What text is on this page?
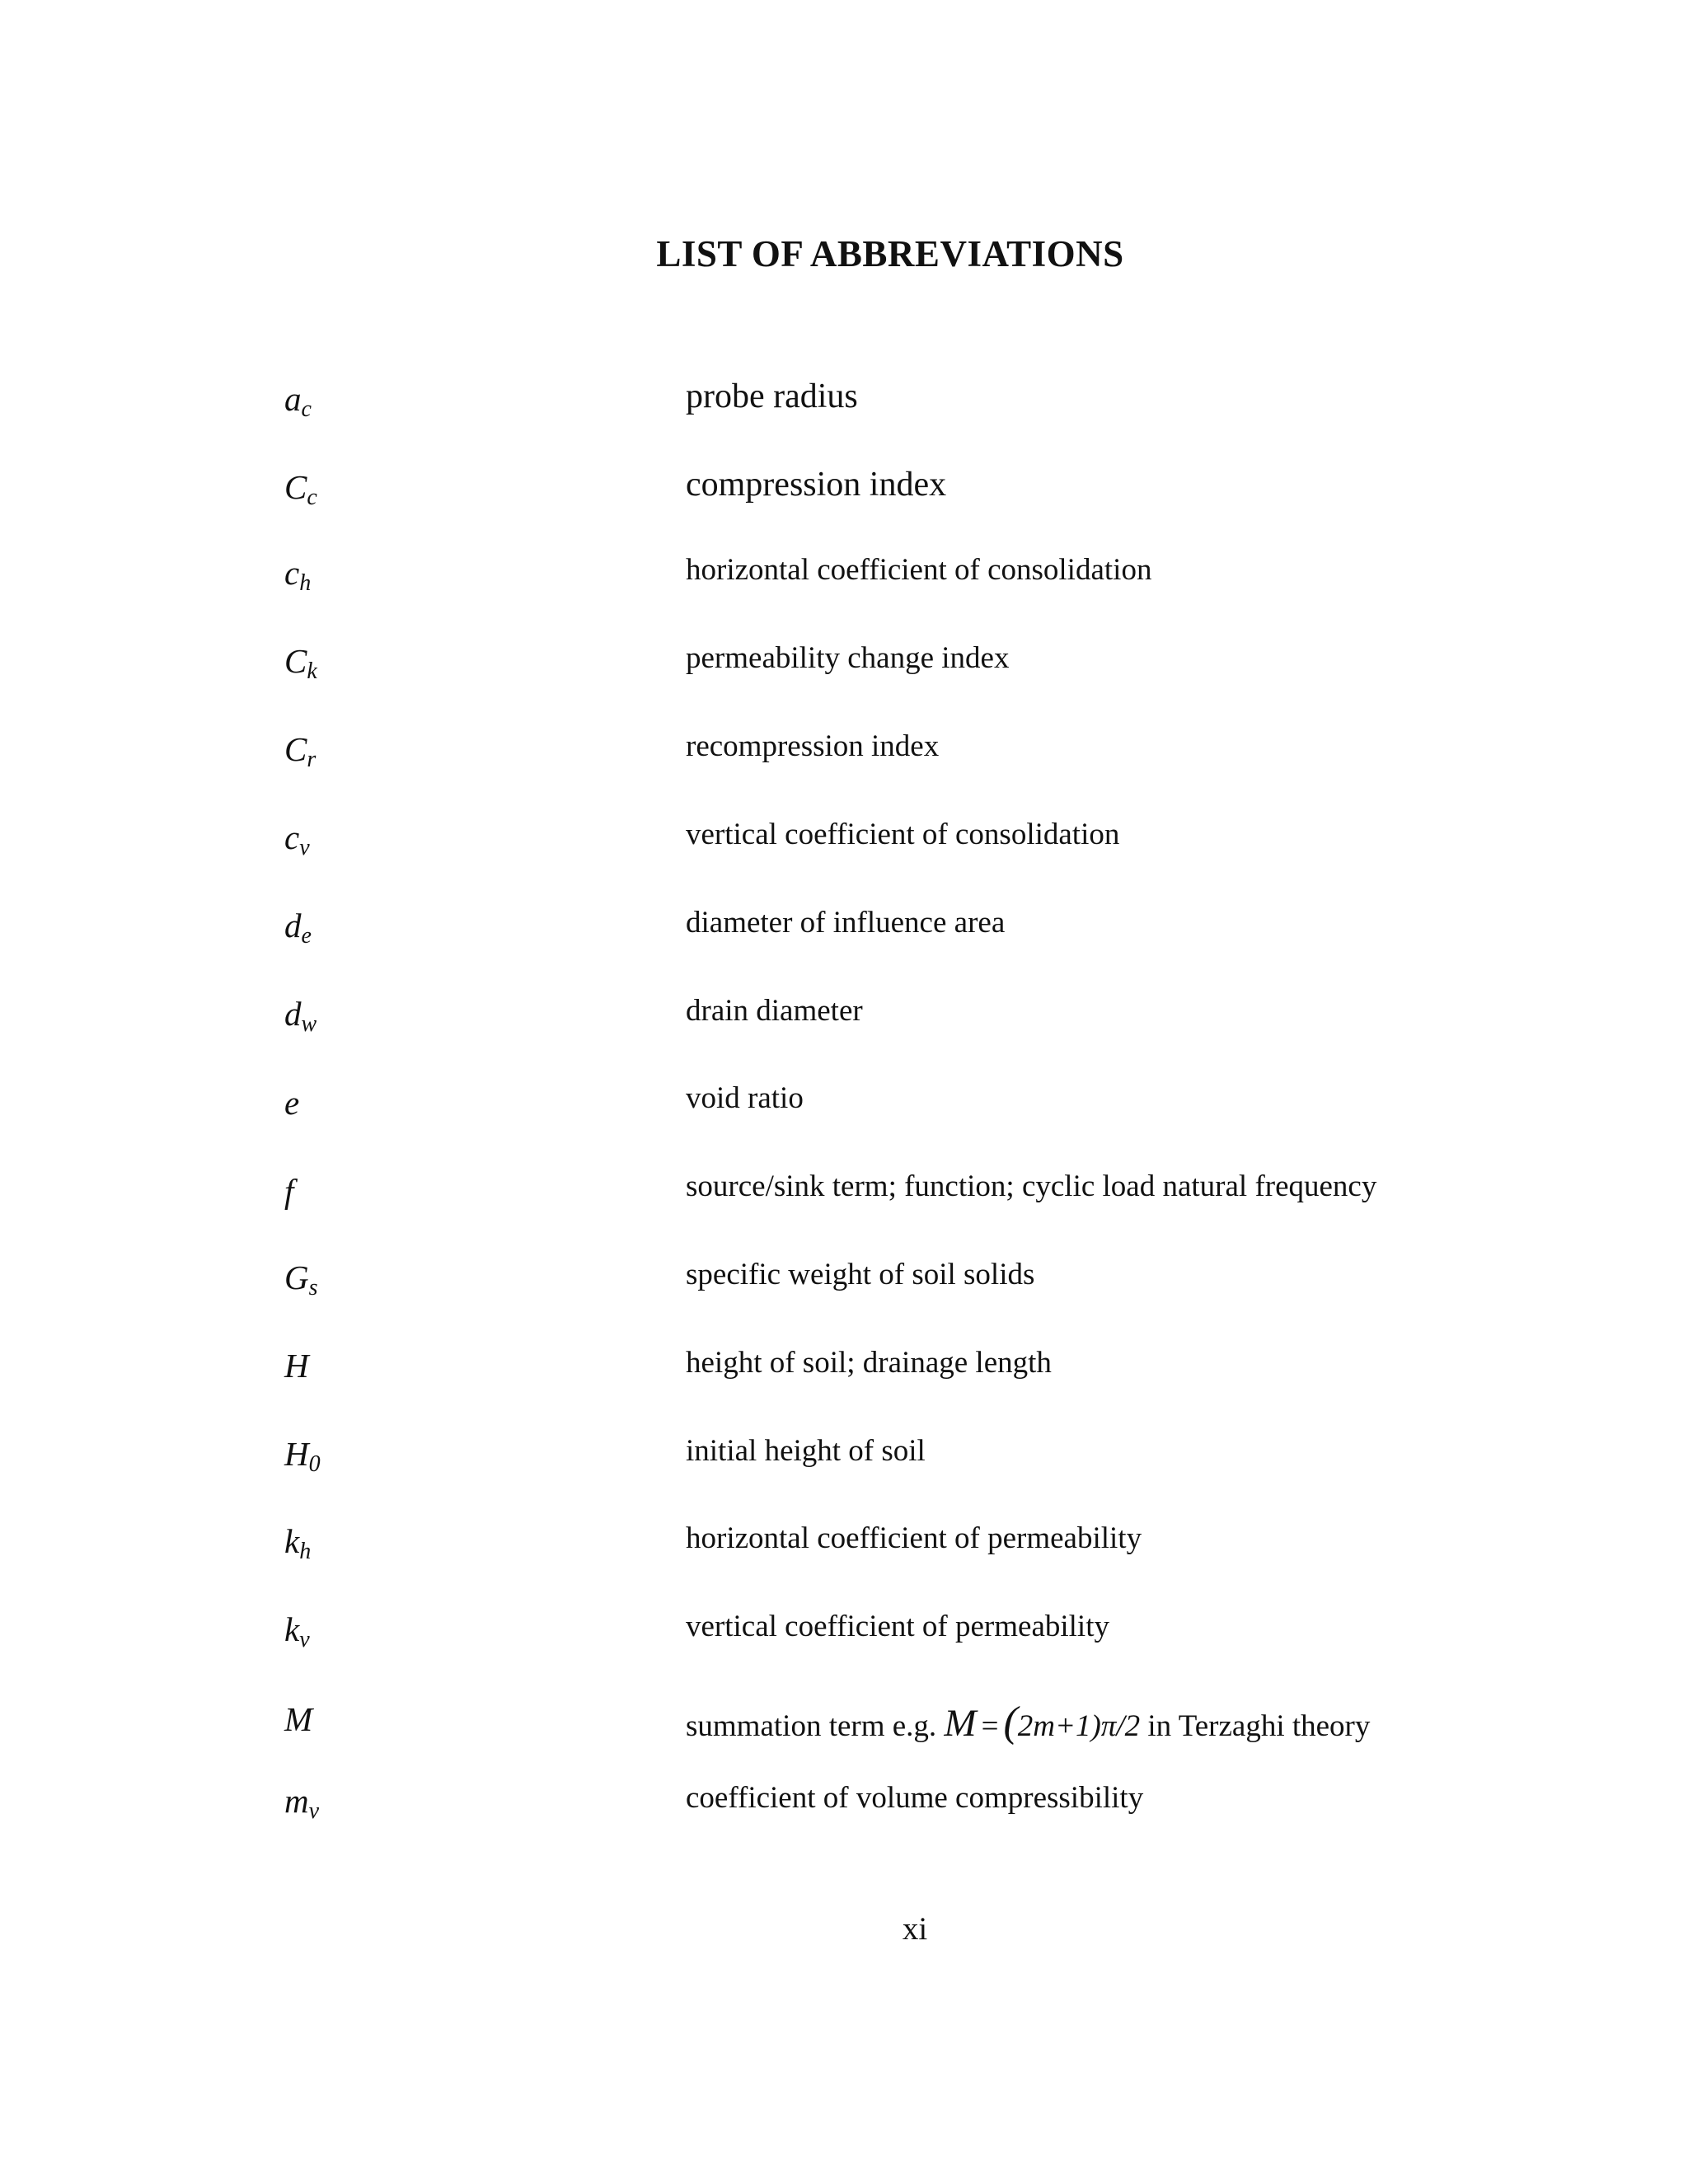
LIST OF ABBREVIATIONS
$a_c$	probe radius
$C_c$	compression index
$c_h$	horizontal coefficient of consolidation
$C_k$	permeability change index
$C_r$	recompression index
$c_v$	vertical coefficient of consolidation
$d_e$	diameter of influence area
$d_w$	drain diameter
e	void ratio
f	source/sink term; function; cyclic load natural frequency
$G_s$	specific weight of soil solids
H	height of soil; drainage length
$H_0$	initial height of soil
$k_h$	horizontal coefficient of permeability
$k_v$	vertical coefficient of permeability
M	summation term e.g. M = (2m+1)π/2 in Terzaghi theory
$m_v$	coefficient of volume compressibility
xi
